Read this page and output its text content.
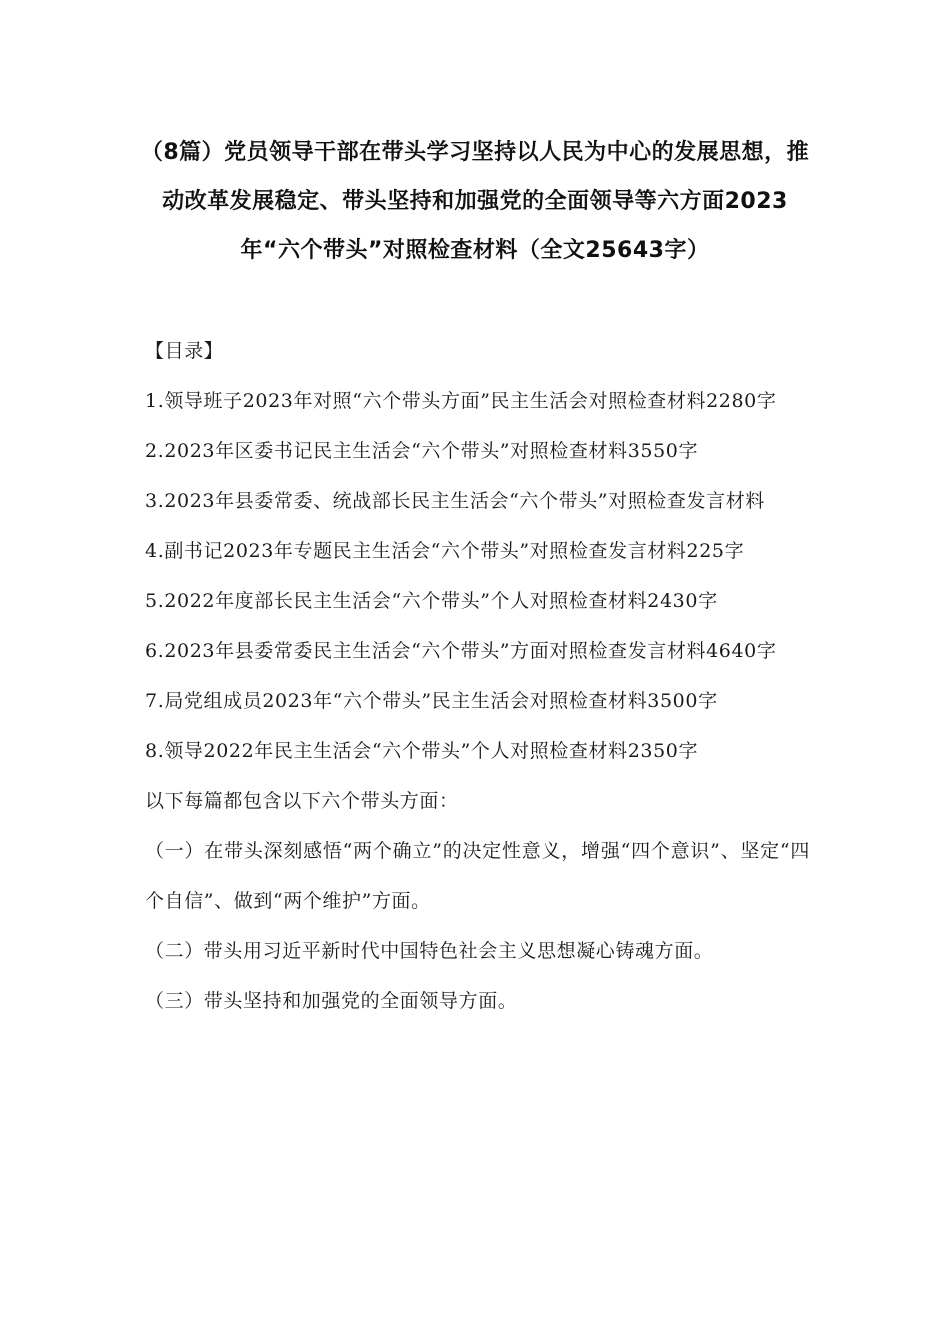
（8篇）党员领导干部在带头学习坚持以人民为中心的发展思想，推动改革发展稳定、带头坚持和加强党的全面领导等六方面2023年“六个带头”对照检查材料（全文25643字）

【目录】

1.领导班子2023年对照“六个带头方面”民主生活会对照检查材料2280字

2.2023年区委书记民主生活会“六个带头”对照检查材料3550字

3.2023年县委常委、统战部长民主生活会“六个带头”对照检查发言材料

4.副书记2023年专题民主生活会“六个带头”对照检查发言材料225字

5.2022年度部长民主生活会“六个带头”个人对照检查材料2430字

6.2023年县委常委民主生活会“六个带头”方面对照检查发言材料4640字

7.局党组成员2023年“六个带头”民主生活会对照检查材料3500字

8.领导2022年民主生活会“六个带头”个人对照检查材料2350字

以下每篇都包含以下六个带头方面：

（一）在带头深刻感悟“两个确立”的决定性意义，增强“四个意识”、坚定“四个自信”、做到“两个维护”方面。

（二）带头用习近平新时代中国特色社会主义思想凝心铸魂方面。

（三）带头坚持和加强党的全面领导方面。
